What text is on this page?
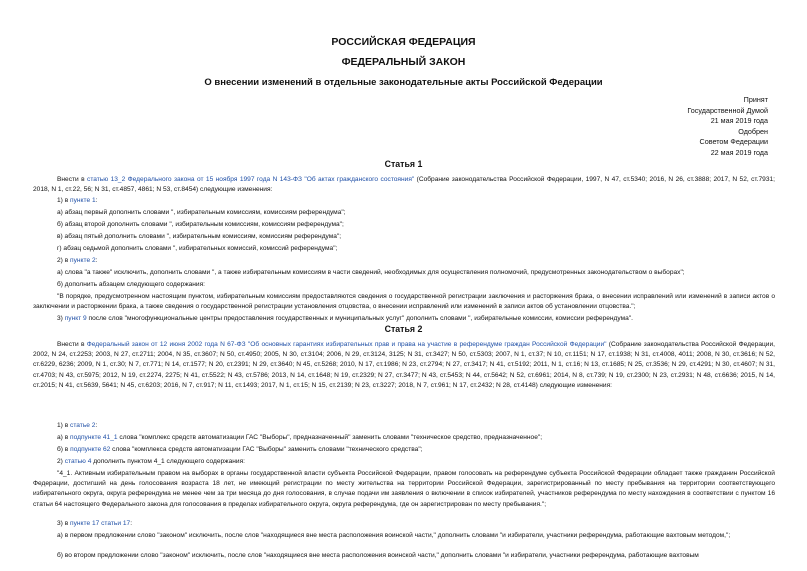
РОССИЙСКАЯ ФЕДЕРАЦИЯ
ФЕДЕРАЛЬНЫЙ ЗАКОН
О внесении изменений в отдельные законодательные акты Российской Федерации
Принят
Государственной Думой
21 мая 2019 года
Одобрен
Советом Федерации
22 мая 2019 года
Статья 1

Внести в статью 13_2 Федерального закона от 15 ноября 1997 года N 143-ФЗ "Об актах гражданского состояния" (Собрание законодательства Российской Федерации, 1997, N 47, ст.5340; 2016, N 26, ст.3888; 2017, N 52, ст.7931; 2018, N 1, ст.22, 56; N 31, ст.4857, 4861; N 53, ст.8454) следующие изменения:

1) в пункте 1:

а) абзац первый дополнить словами ", избирательным комиссиям, комиссиям референдума";

б) абзац второй дополнить словами ", избирательным комиссиям, комиссиям референдума";

в) абзац пятый дополнить словами ", избирательным комиссиям, комиссиям референдума";

г) абзац седьмой дополнить словами ", избирательных комиссий, комиссий референдума";

2) в пункте 2:

а) слова "а также" исключить, дополнить словами ", а также избирательным комиссиям в части сведений, необходимых для осуществления полномочий, предусмотренных законодательством о выборах";

б) дополнить абзацем следующего содержания:

"В порядке, предусмотренном настоящим пунктом, избирательным комиссиям предоставляются сведения о государственной регистрации заключения и расторжения брака, о внесении исправлений или изменений в записи актов о заключении и расторжении брака, а также сведения о государственной регистрации установления отцовства, о внесении исправлений или изменений в записи актов об установлении отцовства.";

3) пункт 9 после слов "многофункциональные центры предоставления государственных и муниципальных услуг" дополнить словами ", избирательные комиссии, комиссии референдума".

Статья 2

Внести в Федеральный закон от 12 июня 2002 года N 67-ФЗ "Об основных гарантиях избирательных прав и права на участие в референдуме граждан Российской Федерации" (Собрание законодательства Российской Федерации, 2002, N 24, ст.2253; 2003, N 27, ст.2711; 2004, N 35, ст.3607; N 50, ст.4950; 2005, N 30, ст.3104; 2006, N 29, ст.3124, 3125; N 31, ст.3427; N 50, ст.5303; 2007, N 1, ст.37; N 10, ст.1151; N 17, ст.1938; N 31, ст.4008, 4011; 2008, N 30, ст.3616; N 52, ст.6229, 6236; 2009, N 1, ст.30; N 7, ст.771; N 14, ст.1577; N 20, ст.2391; N 29, ст.3640; N 45, ст.5268; 2010, N 17, ст.1986; N 23, ст.2794; N 27, ст.3417; N 41, ст.5192; 2011, N 1, ст.16; N 13, ст.1685; N 25, ст.3536; N 29, ст.4291; N 30, ст.4607; N 31, ст.4703; N 43, ст.5975; 2012, N 19, ст.2274, 2275; N 41, ст.5522; N 43, ст.5786; 2013, N 14, ст.1648; N 19, ст.2329; N 27, ст.3477; N 43, ст.5453; N 44, ст.5642; N 52, ст.6961; 2014, N 8, ст.739; N 19, ст.2300; N 23, ст.2931; N 48, ст.6636; 2015, N 14, ст.2015; N 41, ст.5639, 5641; N 45, ст.6203; 2016, N 7, ст.917; N 11, ст.1493; 2017, N 1, ст.15; N 15, ст.2139; N 23, ст.3227; 2018, N 7, ст.961; N 17, ст.2432; N 28, ст.4148) следующие изменения:

1) в статье 2:

а) в подпункте 41_1 слова "комплекс средств автоматизации ГАС "Выборы", предназначенный" заменить словами "техническое средство, предназначенное";

б) в подпункте 62 слова "комплекса средств автоматизации ГАС "Выборы" заменить словами "технического средства";

2) статью 4 дополнить пунктом 4_1 следующего содержания:

"4_1. Активным избирательным правом на выборах в органы государственной власти субъекта Российской Федерации, правом голосовать на референдуме субъекта Российской Федерации обладает также гражданин Российской Федерации, достигший на день голосования возраста 18 лет, не имеющий регистрации по месту жительства на территории Российской Федерации, зарегистрированный по месту пребывания на территории соответствующего избирательного округа, округа референдума не менее чем за три месяца до дня голосования, в случае подачи им заявления о включении в список избирателей, участников референдума по месту нахождения в соответствии с пунктом 16 статьи 64 настоящего Федерального закона для голосования в пределах избирательного округа, округа референдума, где он зарегистрирован по месту пребывания.";

3) в пункте 17 статьи 17:

а) в первом предложении слово "законом" исключить, после слов "находящиеся вне места расположения воинской части," дополнить словами "и избиратели, участники референдума, работающие вахтовым методом,";

б) во втором предложении слово "законом" исключить, после слов "находящиеся вне места расположения воинской части," дополнить словами "и избиратели, участники референдума, работающие вахтовым
